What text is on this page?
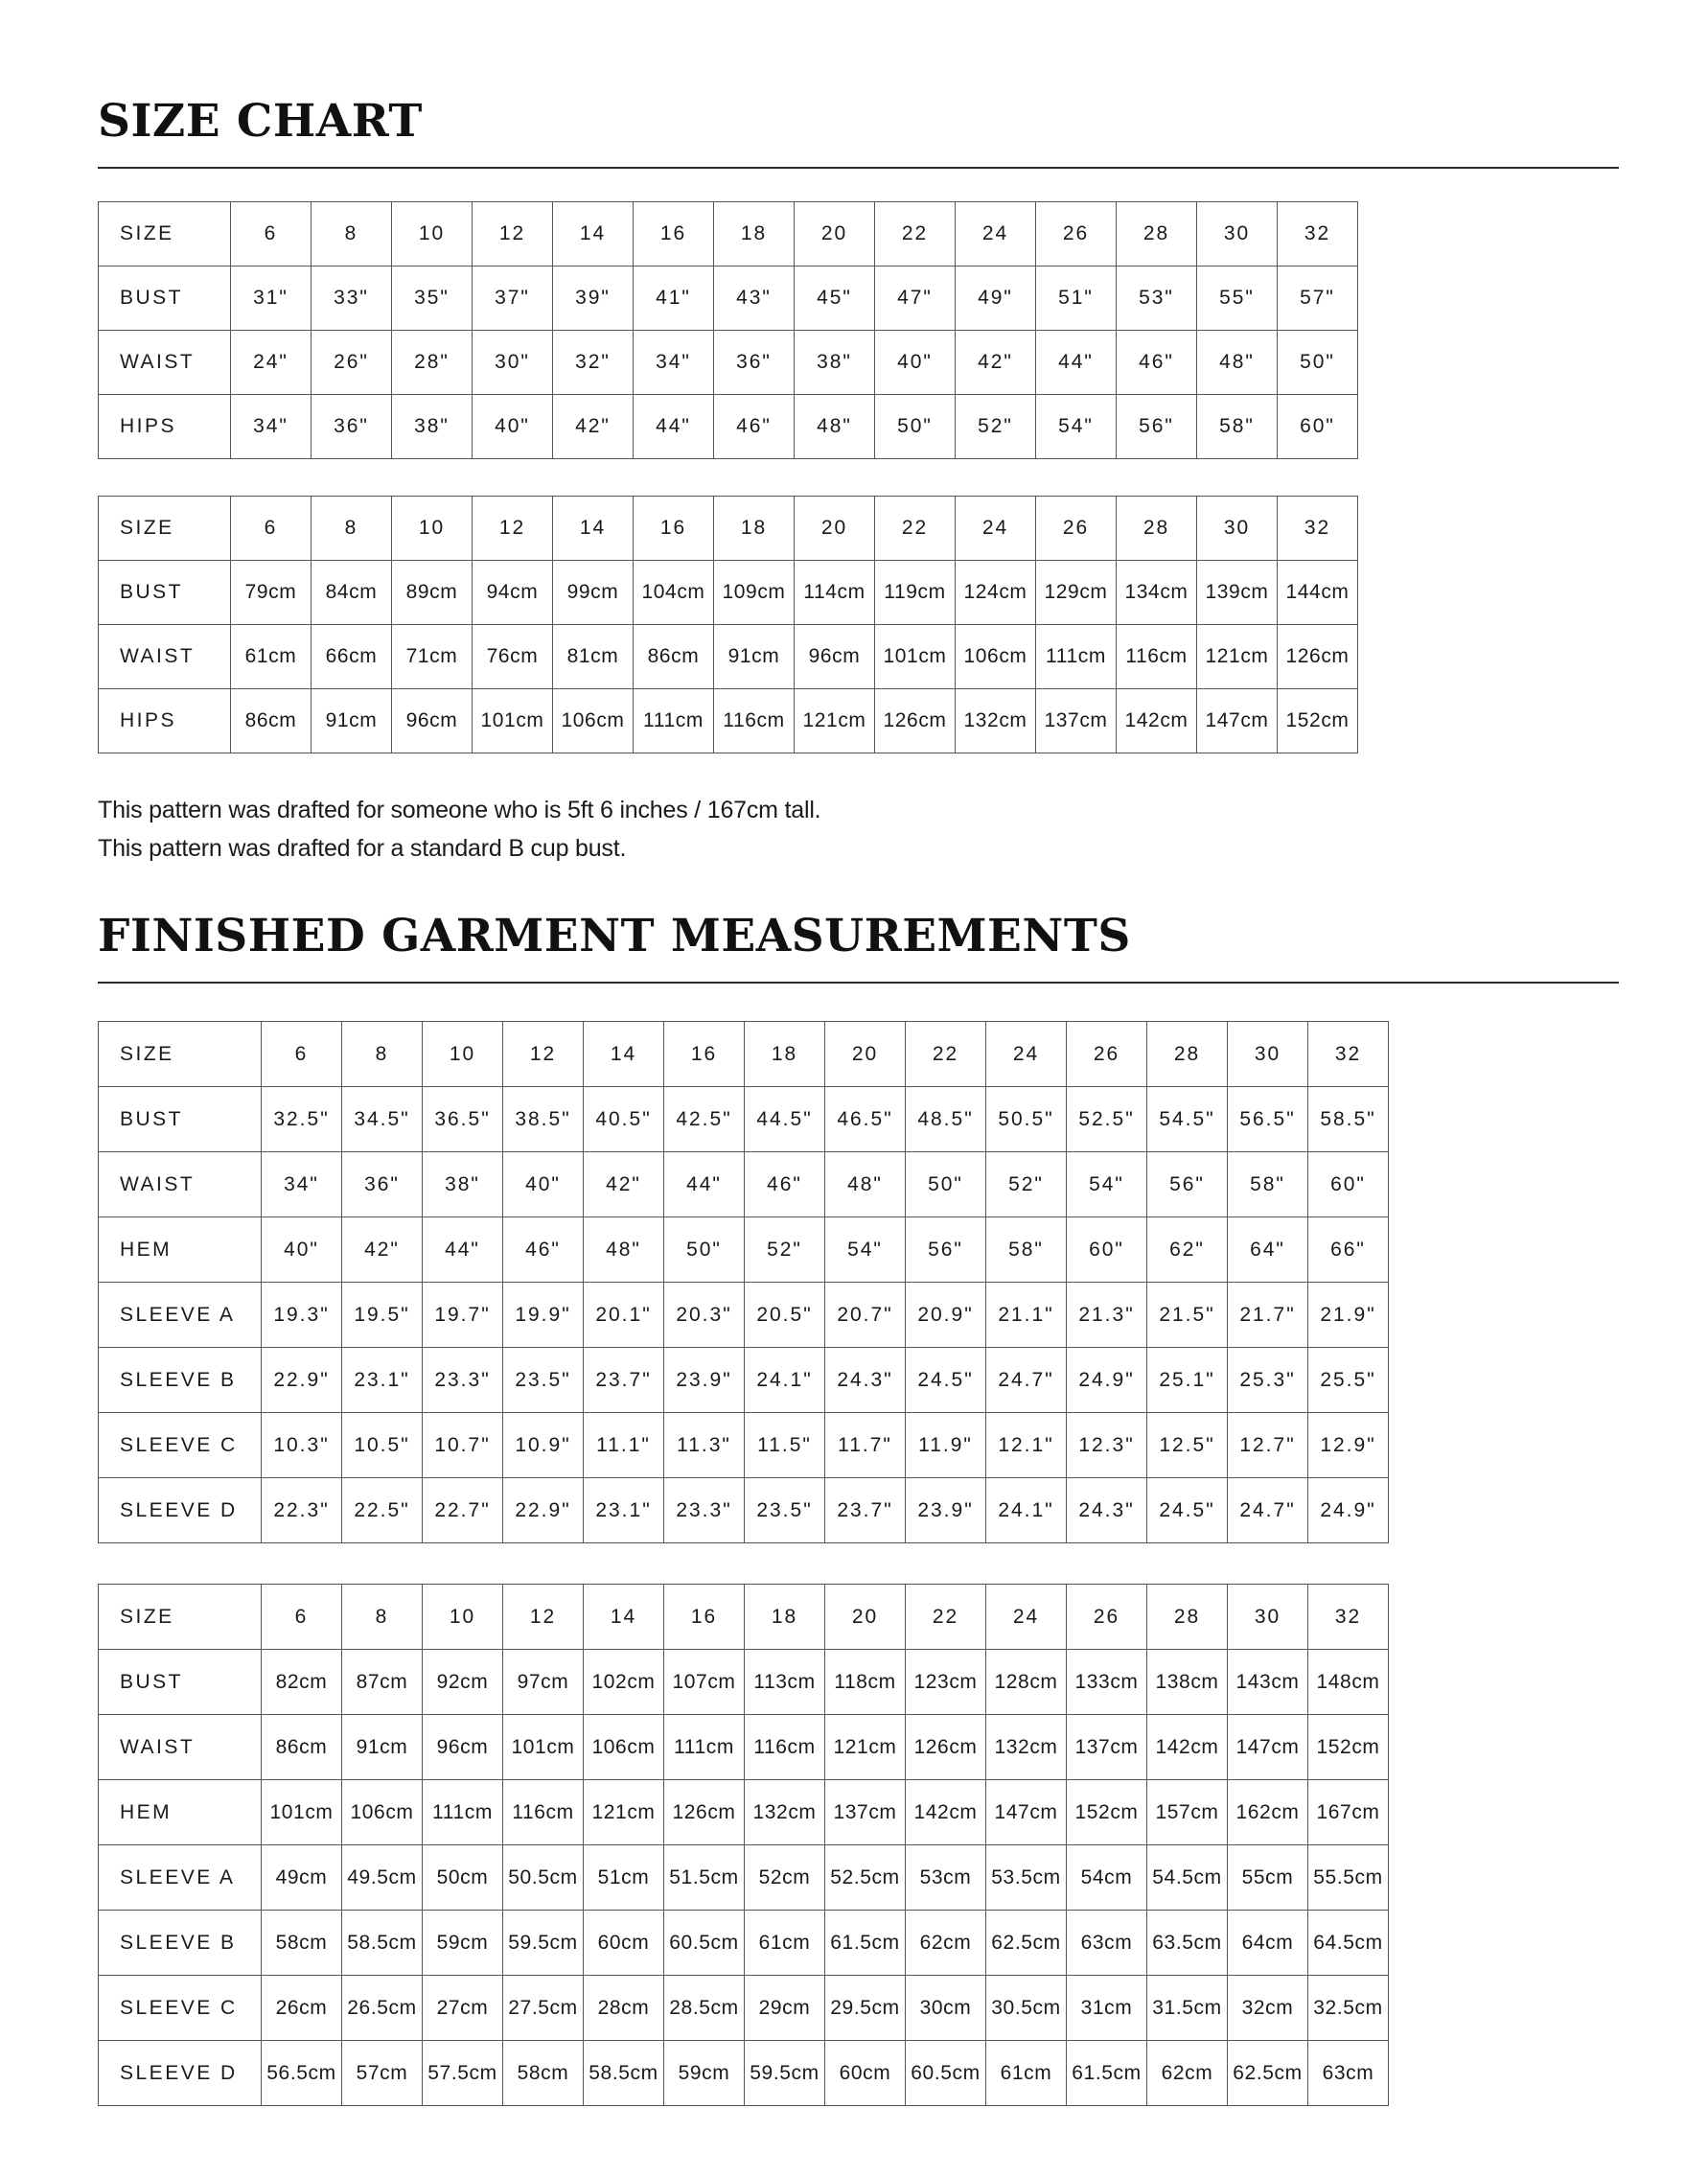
SIZE CHART
SIZE	6	8	10	12	14	16	18	20	22	24	26	28	30	32
BUST	31"	33"	35"	37"	39"	41"	43"	45"	47"	49"	51"	53"	55"	57"
WAIST	24"	26"	28"	30"	32"	34"	36"	38"	40"	42"	44"	46"	48"	50"
HIPS	34"	36"	38"	40"	42"	44"	46"	48"	50"	52"	54"	56"	58"	60"
SIZE	6	8	10	12	14	16	18	20	22	24	26	28	30	32
BUST	79cm	84cm	89cm	94cm	99cm	104cm	109cm	114cm	119cm	124cm	129cm	134cm	139cm	144cm
WAIST	61cm	66cm	71cm	76cm	81cm	86cm	91cm	96cm	101cm	106cm	111cm	116cm	121cm	126cm
HIPS	86cm	91cm	96cm	101cm	106cm	111cm	116cm	121cm	126cm	132cm	137cm	142cm	147cm	152cm

This pattern was drafted for someone who is 5ft 6 inches / 167cm tall.
This pattern was drafted for a standard B cup bust.

FINISHED GARMENT MEASUREMENTS
SIZE	6	8	10	12	14	16	18	20	22	24	26	28	30	32
BUST	32.5"	34.5"	36.5"	38.5"	40.5"	42.5"	44.5"	46.5"	48.5"	50.5"	52.5"	54.5"	56.5"	58.5"
WAIST	34"	36"	38"	40"	42"	44"	46"	48"	50"	52"	54"	56"	58"	60"
HEM	40"	42"	44"	46"	48"	50"	52"	54"	56"	58"	60"	62"	64"	66"
SLEEVE A	19.3"	19.5"	19.7"	19.9"	20.1"	20.3"	20.5"	20.7"	20.9"	21.1"	21.3"	21.5"	21.7"	21.9"
SLEEVE B	22.9"	23.1"	23.3"	23.5"	23.7"	23.9"	24.1"	24.3"	24.5"	24.7"	24.9"	25.1"	25.3"	25.5"
SLEEVE C	10.3"	10.5"	10.7"	10.9"	11.1"	11.3"	11.5"	11.7"	11.9"	12.1"	12.3"	12.5"	12.7"	12.9"
SLEEVE D	22.3"	22.5"	22.7"	22.9"	23.1"	23.3"	23.5"	23.7"	23.9"	24.1"	24.3"	24.5"	24.7"	24.9"
SIZE	6	8	10	12	14	16	18	20	22	24	26	28	30	32
BUST	82cm	87cm	92cm	97cm	102cm	107cm	113cm	118cm	123cm	128cm	133cm	138cm	143cm	148cm
WAIST	86cm	91cm	96cm	101cm	106cm	111cm	116cm	121cm	126cm	132cm	137cm	142cm	147cm	152cm
HEM	101cm	106cm	111cm	116cm	121cm	126cm	132cm	137cm	142cm	147cm	152cm	157cm	162cm	167cm
SLEEVE A	49cm	49.5cm	50cm	50.5cm	51cm	51.5cm	52cm	52.5cm	53cm	53.5cm	54cm	54.5cm	55cm	55.5cm
SLEEVE B	58cm	58.5cm	59cm	59.5cm	60cm	60.5cm	61cm	61.5cm	62cm	62.5cm	63cm	63.5cm	64cm	64.5cm
SLEEVE C	26cm	26.5cm	27cm	27.5cm	28cm	28.5cm	29cm	29.5cm	30cm	30.5cm	31cm	31.5cm	32cm	32.5cm
SLEEVE D	56.5cm	57cm	57.5cm	58cm	58.5cm	59cm	59.5cm	60cm	60.5cm	61cm	61.5cm	62cm	62.5cm	63cm
